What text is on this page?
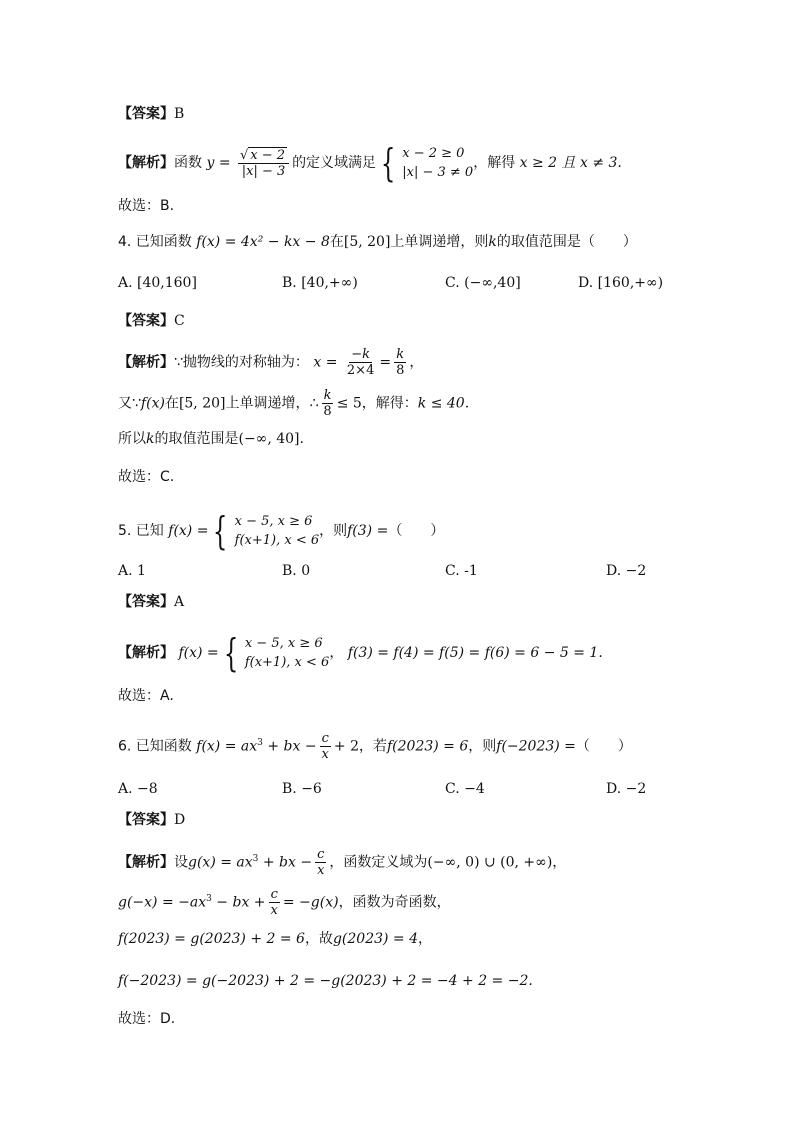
【答案】B
【解析】函数 $y = \frac{√ x - 2}{|x| - 3}$ 的定义域满足 { x − 2 ≥ 0
|x| − 3 ≠ 0
，解得 x ≥ 2 且 x ≠ 3.
故选：B.
4. 已知函数 f(x) = 4x² − kx − 8在[5, 20]上单调递增，则k的取值范围是（　　）
A. [40,160]	B. [40,+∞)	C. (−∞,40]	D. [160,+∞)
【答案】C
【解析】∵抛物线的对称轴为： $x = \frac{-k}{2\times 4} = \frac{k}{8}$ ，
又∵f(x)在[5, 20]上单调递增，∴ $\frac{k}{8} \le 5$，解得：k ≤ 40.
所以k的取值范围是(−∞, 40].
故选：C.
5. 已知 f(x) = { x − 5, x ≥ 6
f(x+1), x < 6
，则f(3) =（　　）
A. 1	B. 0	C. -1	D. −2
【答案】A
【解析】 f(x) = { x − 5, x ≥ 6
f(x+1), x < 6
， f(3) = f(4) = f(5) = f(6) = 6 − 5 = 1.
故选：A.
6. 已知函数 $f(x) = ax^3$ + bx − $\frac{c}{x} + 2$，若f(2023) = 6，则f(−2023) =（　　）
A. −8	B. −6	C. −4	D. −2
【答案】D
【解析】设$g(x) = ax^3$ + bx − $\frac{c}{x}$ ，函数定义域为(−∞, 0) ∪ (0, +∞)，
$g(-x) = -ax^3$ − bx + $\frac{c}{x} = -g(x)$，函数为奇函数，
f(2023) = g(2023) + 2 = 6，故g(2023) = 4，
f(−2023) = g(−2023) + 2 = −g(2023) + 2 = −4 + 2 = −2.
故选：D.
